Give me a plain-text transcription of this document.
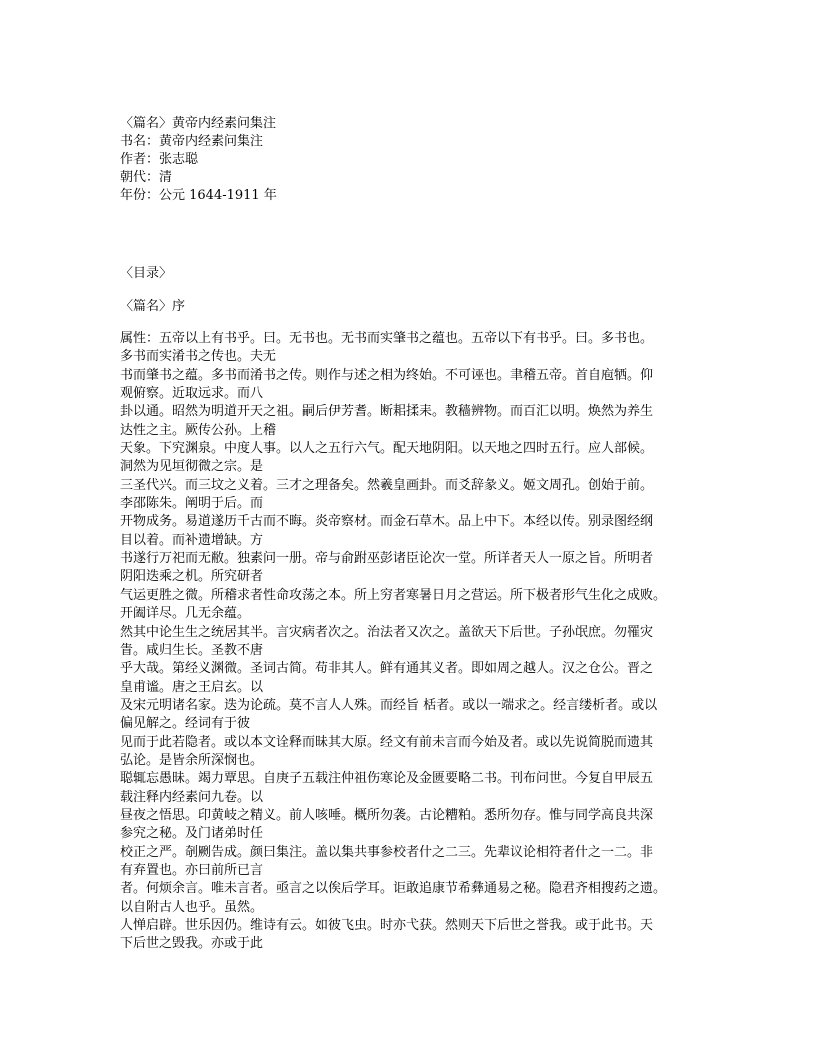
〈篇名〉黄帝内经素问集注
书名：黄帝内经素问集注
作者：张志聪
朝代：清
年份：公元 1644-1911 年
〈目录〉
〈篇名〉序
属性：五帝以上有书乎。曰。无书也。无书而实肇书之蕴也。五帝以下有书乎。曰。多书也。
多书而实淆书之传也。夫无
书而肇书之蕴。多书而淆书之传。则作与述之相为终始。不可诬也。聿稽五帝。首自庖牺。仰
观俯察。近取远求。而八
卦以通。昭然为明道开天之祖。嗣后伊芳耆。断耜揉耒。教穑辨物。而百汇以明。焕然为养生
达性之主。厥传公孙。上稽
天象。下究渊泉。中度人事。以人之五行六气。配天地阴阳。以天地之四时五行。应人部候。
洞然为见垣彻微之宗。是
三圣代兴。而三坟之义着。三才之理备矣。然羲皇画卦。而爻辞彖义。姬文周孔。创始于前。
李邵陈朱。阐明于后。而
开物成务。易道遂历千古而不晦。炎帝察材。而金石草木。品上中下。本经以传。别录图经纲
目以着。而补遗增缺。方
书遂行万祀而无敝。独素问一册。帝与俞跗巫彭诸臣论次一堂。所详者天人一原之旨。所明者
阴阳迭乘之机。所究研者
气运更胜之微。所稽求者性命攻荡之本。所上穷者寒暑日月之营运。所下极者形气生化之成败。
开阖详尽。几无余蕴。
然其中论生生之统居其半。言灾病者次之。治法者又次之。盖欲天下后世。子孙氓庶。勿罹灾
眚。咸归生长。圣教不唐
乎大哉。第经义渊微。圣词古简。苟非其人。鲜有通其义者。即如周之越人。汉之仓公。晋之
皇甫谧。唐之王启玄。以
及宋元明诸名家。迭为论疏。莫不言人人殊。而经旨 栝者。或以一端求之。经言缕析者。或以
偏见解之。经词有于彼
见而于此若隐者。或以本文诠释而昧其大原。经文有前未言而今始及者。或以先说简脱而遗其
弘论。是皆余所深悯也。
聪辄忘愚昧。竭力覃思。自庚子五载注仲祖伤寒论及金匮要略二书。刊布问世。今复自甲辰五
载注释内经素问九卷。以
昼夜之悟思。印黄岐之精义。前人咳唾。概所勿袭。古论糟粕。悉所勿存。惟与同学高良共深
参究之秘。及门诸弟时任
校正之严。剞劂告成。颜曰集注。盖以集共事参校者什之二三。先辈议论相符者什之一二。非
有弃置也。亦曰前所已言
者。何烦余言。唯未言者。亟言之以俟后学耳。讵敢追康节希彝通易之秘。隐君齐相搜药之遗。
以自附古人也乎。虽然。
人惮启辟。世乐因仍。维诗有云。如彼飞虫。时亦弋获。然则天下后世之誉我。或于此书。天
下后世之毁我。亦或于此
